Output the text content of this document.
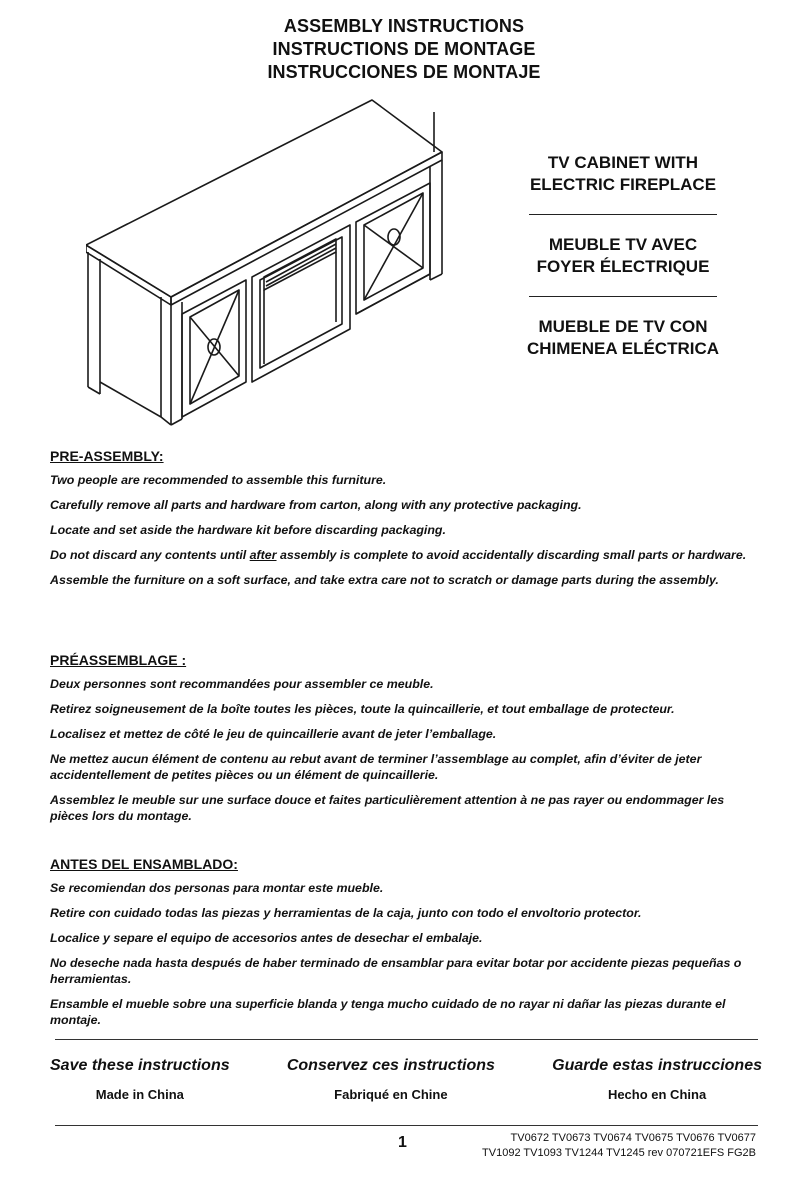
ASSEMBLY INSTRUCTIONS
INSTRUCTIONS DE MONTAGE
INSTRUCCIONES DE MONTAJE
TV CABINET WITH
ELECTRIC FIREPLACE
MEUBLE TV AVEC
FOYER ÉLECTRIQUE
MUEBLE DE TV CON
CHIMENEA ELÉCTRICA
PRE-ASSEMBLY:

Two people are recommended to assemble this furniture.

Carefully remove all parts and hardware from carton, along with any protective packaging.

Locate and set aside the hardware kit before discarding packaging.

Do not discard any contents until after assembly is complete to avoid accidentally discarding small parts or hardware.

Assemble the furniture on a soft surface, and take extra care not to scratch or damage parts during the assembly.

PRÉASSEMBLAGE :

Deux personnes sont recommandées pour assembler ce meuble.

Retirez soigneusement de la boîte toutes les pièces, toute la quincaillerie, et tout emballage de protecteur.

Localisez et mettez de côté le jeu de quincaillerie avant de jeter l’emballage.

Ne mettez aucun élément de contenu au rebut avant de terminer l’assemblage au complet, afin d’éviter de jeter accidentellement de petites pièces ou un élément de quincaillerie.

Assemblez le meuble sur une surface douce et faites particulièrement attention à ne pas rayer ou endommager les pièces lors du montage.

ANTES DEL ENSAMBLADO:

Se recomiendan dos personas para montar este mueble.

Retire con cuidado todas las piezas y herramientas de la caja, junto con todo el envoltorio protector.

Localice y separe el equipo de accesorios antes de desechar el embalaje.

No deseche nada hasta después de haber terminado de ensamblar para evitar botar por accidente piezas pequeñas o herramientas.

Ensamble el mueble sobre una superficie blanda y tenga mucho cuidado de no rayar ni dañar las piezas durante el montaje.

Save these instructions
Made in China
Conservez ces instructions
Fabriqué en Chine
Guarde estas instrucciones
Hecho en China
1	TV0672 TV0673 TV0674 TV0675 TV0676 TV0677
TV1092 TV1093 TV1244 TV1245 rev 070721EFS FG2B
